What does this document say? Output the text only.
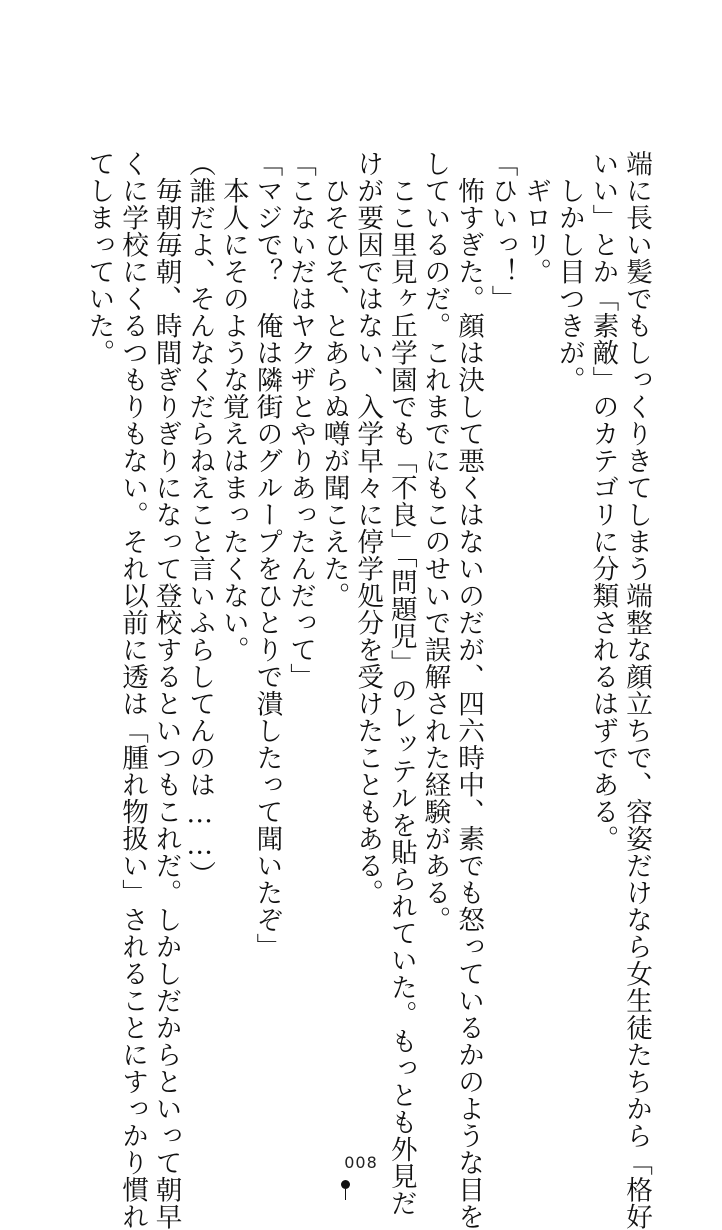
端に長い髪でもしっくりきてしまう端整な顔立ちで、容姿だけなら女生徒たちから「格好
いい」とか「素敵」のカテゴリに分類されるはずである。
　しかし目つきが。
　ギロリ。
「ひいっ！」
　怖すぎた。顔は決して悪くはないのだが、四六時中、素でも怒っているかのような目を
しているのだ。これまでにもこのせいで誤解された経験がある。
　ここ里見ヶ丘学園でも「不良」「問題児」のレッテルを貼られていた。もっとも外見だ
けが要因ではない、入学早々に停学処分を受けたこともある。
　ひそひそ、とあらぬ噂が聞こえた。
「こないだはヤクザとやりあったんだって」
「マジで？　俺は隣街のグループをひとりで潰したって聞いたぞ」
　本人にそのような覚えはまったくない。
（誰だよ、そんなくだらねえこと言いふらしてんのは……）
　毎朝毎朝、時間ぎりぎりになって登校するといつもこれだ。しかしだからといって朝早
くに学校にくるつもりもない。それ以前に透は「腫れ物扱い」されることにすっかり慣れ
てしまっていた。
008
